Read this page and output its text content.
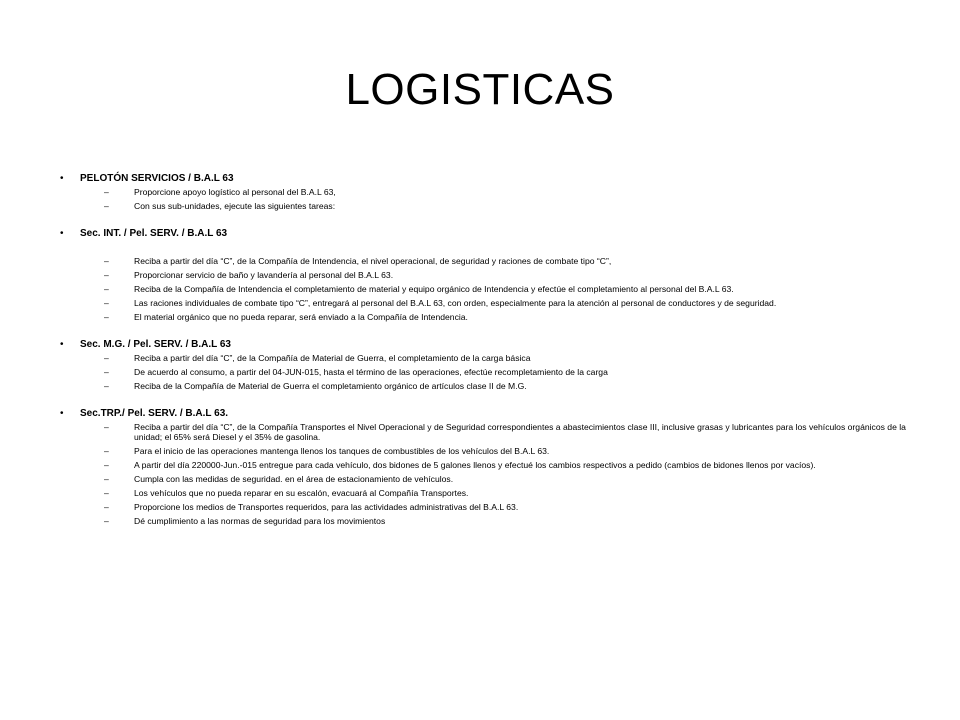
LOGISTICAS
• PELOTÓN SERVICIOS / B.A.L 63
–	Proporcione apoyo logístico al personal del B.A.L 63,
–	Con sus sub-unidades, ejecute las siguientes tareas:
• Sec. INT. / Pel. SERV. / B.A.L 63
–	Reciba a partir del día “C”, de la Compañía de Intendencia, el nivel operacional, de seguridad y raciones de combate tipo “C”,
–	Proporcionar servicio de baño y lavandería al personal del B.A.L 63.
–	Reciba de la Compañía de Intendencia el completamiento de material y equipo orgánico de Intendencia y efectúe el completamiento al personal del B.A.L 63.
–	Las raciones individuales de combate tipo “C”, entregará al personal del B.A.L 63, con orden, especialmente para la atención al personal de conductores y de seguridad.
–	El material orgánico que no pueda reparar, será enviado a la Compañía de Intendencia.
• Sec. M.G. / Pel. SERV. / B.A.L 63
–	Reciba a partir del día “C”, de la Compañía de Material de Guerra, el completamiento de la carga básica
–	De acuerdo al consumo, a partir del 04-JUN-015, hasta el término de las operaciones, efectúe recompletamiento de la carga
–	Reciba de la Compañía de Material de Guerra el completamiento orgánico de artículos clase II de M.G.
• Sec.TRP./ Pel. SERV. / B.A.L 63.
–	Reciba a partir del día “C”, de la Compañía Transportes el Nivel Operacional y de Seguridad correspondientes a abastecimientos clase III, inclusive grasas y lubricantes para los vehículos orgánicos de la unidad; el 65% será Diesel y el 35% de gasolina.
–	Para el inicio de las operaciones mantenga llenos los tanques de combustibles de los vehículos del B.A.L 63.
–	A partir del día 220000-Jun.-015 entregue para cada vehículo, dos bidones de 5 galones llenos y efectué los cambios respectivos a pedido (cambios de bidones llenos por vacíos).
–	Cumpla con las medidas de seguridad. en el área de estacionamiento de vehículos.
–	Los vehículos que no pueda reparar en su escalón, evacuará al Compañía Transportes.
–	Proporcione los medios de Transportes requeridos, para las actividades administrativas del B.A.L 63.
–	Dé cumplimiento a las normas de seguridad para los movimientos
